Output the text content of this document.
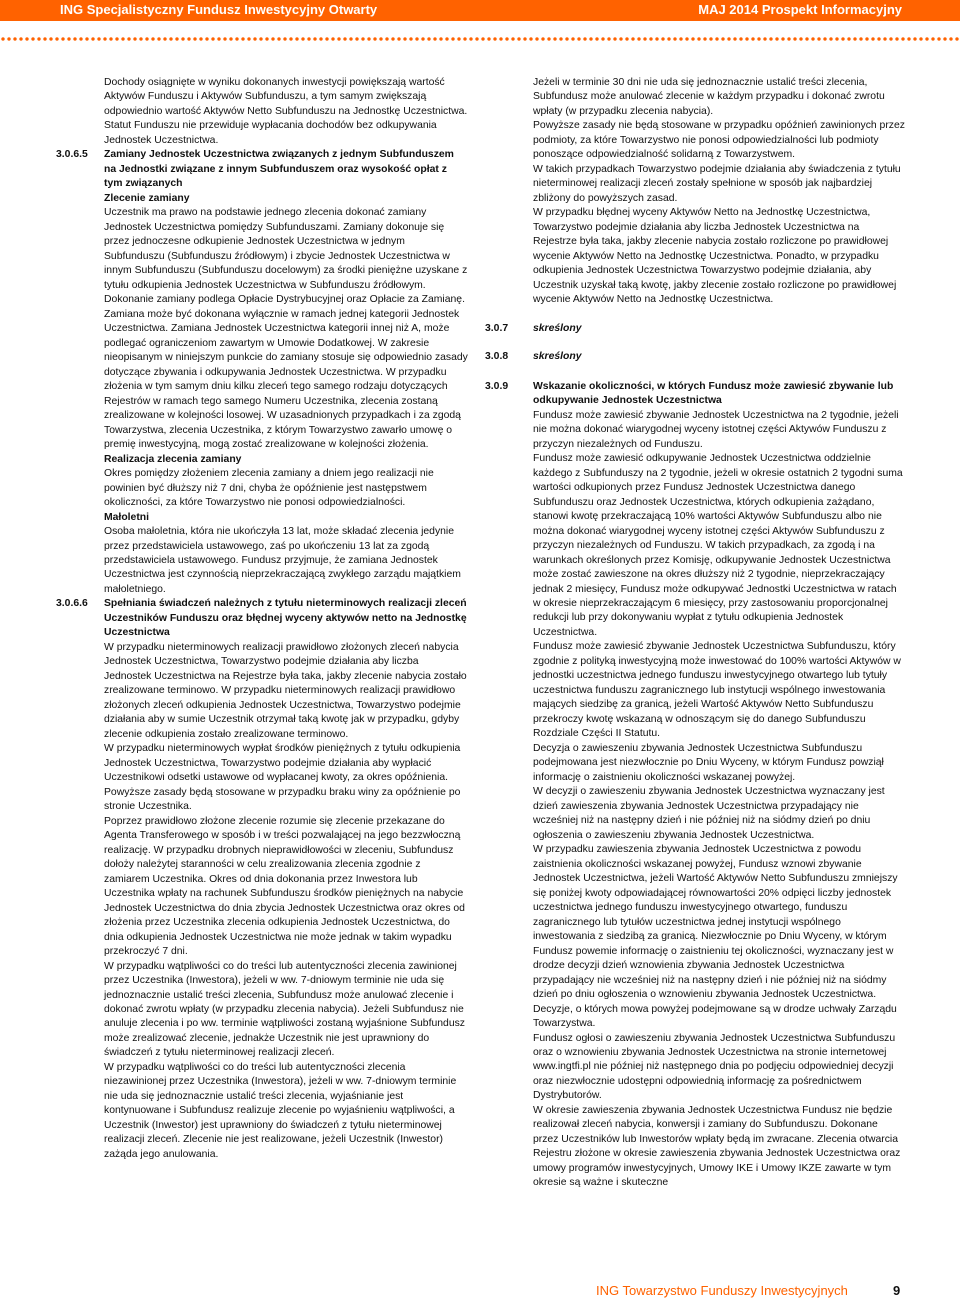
ING Specjalistyczny Fundusz Inwestycyjny Otwarty	MAJ 2014 Prospekt Informacyjny

Dochody osiągnięte w wyniku dokonanych inwestycji powiększają wartość Aktywów Funduszu i Aktywów Subfunduszu, a tym samym zwiększają odpowiednio wartość Aktywów Netto Subfunduszu na Jednostkę Uczestnictwa. Statut Funduszu nie przewiduje wypłacania dochodów bez odkupywania Jednostek Uczestnictwa.

3.0.6.5 Zamiany Jednostek Uczestnictwa związanych z jednym Subfunduszem na Jednostki związane z innym Subfunduszem oraz wysokość opłat z tym związanych

Zlecenie zamiany

Uczestnik ma prawo na podstawie jednego zlecenia dokonać zamiany Jednostek Uczestnictwa pomiędzy Subfunduszami. Zamiany dokonuje się przez jednoczesne odkupienie Jednostek Uczestnictwa w jednym Subfunduszu (Subfunduszu źródłowym) i zbycie Jednostek Uczestnictwa w innym Subfunduszu (Subfunduszu docelowym) za środki pieniężne uzyskane z tytułu odkupienia Jednostek Uczestnictwa w Subfunduszu źródłowym. Dokonanie zamiany podlega Opłacie Dystrybucyjnej oraz Opłacie za Zamianę. Zamiana może być dokonana wyłącznie w ramach jednej kategorii Jednostek Uczestnictwa. Zamiana Jednostek Uczestnictwa kategorii innej niż A, może podlegać ograniczeniom zawartym w Umowie Dodatkowej. W zakresie nieopisanym w niniejszym punkcie do zamiany stosuje się odpowiednio zasady dotyczące zbywania i odkupywania Jednostek Uczestnictwa. W przypadku złożenia w tym samym dniu kilku zleceń tego samego rodzaju dotyczących Rejestrów w ramach tego samego Numeru Uczestnika, zlecenia zostaną zrealizowane w kolejności losowej. W uzasadnionych przypadkach i za zgodą Towarzystwa, zlecenia Uczestnika, z którym Towarzystwo zawarło umowę o premię inwestycyjną, mogą zostać zrealizowane w kolejności złożenia.

Realizacja zlecenia zamiany

Okres pomiędzy złożeniem zlecenia zamiany a dniem jego realizacji nie powinien być dłuższy niż 7 dni, chyba że opóźnienie jest następstwem okoliczności, za które Towarzystwo nie ponosi odpowiedzialności.

Małoletni

Osoba małoletnia, która nie ukończyła 13 lat, może składać zlecenia jedynie przez przedstawiciela ustawowego, zaś po ukończeniu 13 lat za zgodą przedstawiciela ustawowego. Fundusz przyjmuje, że zamiana Jednostek Uczestnictwa jest czynnością nieprzekraczającą zwykłego zarządu majątkiem małoletniego.

3.0.6.6 Spełniania świadczeń należnych z tytułu nieterminowych realizacji zleceń Uczestników Funduszu oraz błędnej wyceny aktywów netto na Jednostkę Uczestnictwa

W przypadku nieterminowych realizacji prawidłowo złożonych zleceń nabycia Jednostek Uczestnictwa, Towarzystwo podejmie działania aby liczba Jednostek Uczestnictwa na Rejestrze była taka, jakby zlecenie nabycia zostało zrealizowane terminowo. W przypadku nieterminowych realizacji prawidłowo złożonych zleceń odkupienia Jednostek Uczestnictwa, Towarzystwo podejmie działania aby w sumie Uczestnik otrzymał taką kwotę jak w przypadku, gdyby zlecenie odkupienia zostało zrealizowane terminowo.

W przypadku nieterminowych wypłat środków pieniężnych z tytułu odkupienia Jednostek Uczestnictwa, Towarzystwo podejmie działania aby wypłacić Uczestnikowi odsetki ustawowe od wypłacanej kwoty, za okres opóźnienia.

Powyższe zasady będą stosowane w przypadku braku winy za opóźnienie po stronie Uczestnika.

Poprzez prawidłowo złożone zlecenie rozumie się zlecenie przekazane do Agenta Transferowego w sposób i w treści pozwalającej na jego bezzwłoczną realizację. W przypadku drobnych nieprawidłowości w zleceniu, Subfundusz dołoży należytej staranności w celu zrealizowania zlecenia zgodnie z zamiarem Uczestnika. Okres od dnia dokonania przez Inwestora lub Uczestnika wpłaty na rachunek Subfunduszu środków pieniężnych na nabycie Jednostek Uczestnictwa do dnia zbycia Jednostek Uczestnictwa oraz okres od złożenia przez Uczestnika zlecenia odkupienia Jednostek Uczestnictwa, do dnia odkupienia Jednostek Uczestnictwa nie może jednak w takim wypadku przekroczyć 7 dni.

W przypadku wątpliwości co do treści lub autentyczności zlecenia zawinionej przez Uczestnika (Inwestora), jeżeli w ww. 7-dniowym terminie nie uda się jednoznacznie ustalić treści zlecenia, Subfundusz może anulować zlecenie i dokonać zwrotu wpłaty (w przypadku zlecenia nabycia). Jeżeli Subfundusz nie anuluje zlecenia i po ww. terminie wątpliwości zostaną wyjaśnione Subfundusz może zrealizować zlecenie, jednakże Uczestnik nie jest uprawniony do świadczeń z tytułu nieterminowej realizacji zleceń.

W przypadku wątpliwości co do treści lub autentyczności zlecenia niezawinionej przez Uczestnika (Inwestora), jeżeli w ww. 7-dniowym terminie nie uda się jednoznacznie ustalić treści zlecenia, wyjaśnianie jest kontynuowane i Subfundusz realizuje zlecenie po wyjaśnieniu wątpliwości, a Uczestnik (Inwestor) jest uprawniony do świadczeń z tytułu nieterminowej realizacji zleceń. Zlecenie nie jest realizowane, jeżeli Uczestnik (Inwestor) zażąda jego anulowania.

Jeżeli w terminie 30 dni nie uda się jednoznacznie ustalić treści zlecenia, Subfundusz może anulować zlecenie w każdym przypadku i dokonać zwrotu wpłaty (w przypadku zlecenia nabycia).

Powyższe zasady nie będą stosowane w przypadku opóźnień zawinionych przez podmioty, za które Towarzystwo nie ponosi odpowiedzialności lub podmioty ponoszące odpowiedzialność solidarną z Towarzystwem.

W takich przypadkach Towarzystwo podejmie działania aby świadczenia z tytułu nieterminowej realizacji zleceń zostały spełnione w sposób jak najbardziej zbliżony do powyższych zasad.

W przypadku błędnej wyceny Aktywów Netto na Jednostkę Uczestnictwa, Towarzystwo podejmie działania aby liczba Jednostek Uczestnictwa na Rejestrze była taka, jakby zlecenie nabycia zostało rozliczone po prawidłowej wycenie Aktywów Netto na Jednostkę Uczestnictwa. Ponadto, w przypadku odkupienia Jednostek Uczestnictwa Towarzystwo podejmie działania, aby Uczestnik uzyskał taką kwotę, jakby zlecenie zostało rozliczone po prawidłowej wycenie Aktywów Netto na Jednostkę Uczestnictwa.

3.0.7 skreślony

3.0.8 skreślony

3.0.9 Wskazanie okoliczności, w których Fundusz może zawiesić zbywanie lub odkupywanie Jednostek Uczestnictwa

Fundusz może zawiesić zbywanie Jednostek Uczestnictwa na 2 tygodnie, jeżeli nie można dokonać wiarygodnej wyceny istotnej części Aktywów Funduszu z przyczyn niezależnych od Funduszu.

Fundusz może zawiesić odkupywanie Jednostek Uczestnictwa oddzielnie każdego z Subfunduszy na 2 tygodnie, jeżeli w okresie ostatnich 2 tygodni suma wartości odkupionych przez Fundusz Jednostek Uczestnictwa danego Subfunduszu oraz Jednostek Uczestnictwa, których odkupienia zażądano, stanowi kwotę przekraczającą 10% wartości Aktywów Subfunduszu albo nie można dokonać wiarygodnej wyceny istotnej części Aktywów Subfunduszu z przyczyn niezależnych od Funduszu. W takich przypadkach, za zgodą i na warunkach określonych przez Komisję, odkupywanie Jednostek Uczestnictwa może zostać zawieszone na okres dłuższy niż 2 tygodnie, nieprzekraczający jednak 2 miesięcy, Fundusz może odkupywać Jednostki Uczestnictwa w ratach w okresie nieprzekraczającym 6 miesięcy, przy zastosowaniu proporcjonalnej redukcji lub przy dokonywaniu wypłat z tytułu odkupienia Jednostek Uczestnictwa.

Fundusz może zawiesić zbywanie Jednostek Uczestnictwa Subfunduszu, który zgodnie z polityką inwestycyjną może inwestować do 100% wartości Aktywów w jednostki uczestnictwa jednego funduszu inwestycyjnego otwartego lub tytuły uczestnictwa funduszu zagranicznego lub instytucji wspólnego inwestowania mających siedzibę za granicą, jeżeli Wartość Aktywów Netto Subfunduszu przekroczy kwotę wskazaną w odnoszącym się do danego Subfunduszu Rozdziale Części II Statutu.

Decyzja o zawieszeniu zbywania Jednostek Uczestnictwa Subfunduszu podejmowana jest niezwłocznie po Dniu Wyceny, w którym Fundusz powziął informację o zaistnieniu okoliczności wskazanej powyżej.

W decyzji o zawieszeniu zbywania Jednostek Uczestnictwa wyznaczany jest dzień zawieszenia zbywania Jednostek Uczestnictwa przypadający nie wcześniej niż na następny dzień i nie później niż na siódmy dzień po dniu ogłoszenia o zawieszeniu zbywania Jednostek Uczestnictwa.

W przypadku zawieszenia zbywania Jednostek Uczestnictwa z powodu zaistnienia okoliczności wskazanej powyżej, Fundusz wznowi zbywanie Jednostek Uczestnictwa, jeżeli Wartość Aktywów Netto Subfunduszu zmniejszy się poniżej kwoty odpowiadającej równowartości 20% odpięci liczby jednostek uczestnictwa jednego funduszu inwestycyjnego otwartego, funduszu zagranicznego lub tytułów uczestnictwa jednej instytucji wspólnego inwestowania z siedzibą za granicą. Niezwłocznie po Dniu Wyceny, w którym Fundusz powemie informację o zaistnieniu tej okoliczności, wyznaczany jest w drodze decyzji dzień wznowienia zbywania Jednostek Uczestnictwa przypadający nie wcześniej niż na następny dzień i nie później niż na siódmy dzień po dniu ogłoszenia o wznowieniu zbywania Jednostek Uczestnictwa.

Decyzje, o których mowa powyżej podejmowane są w drodze uchwały Zarządu Towarzystwa.

Fundusz ogłosi o zawieszeniu zbywania Jednostek Uczestnictwa Subfunduszu oraz o wznowieniu zbywania Jednostek Uczestnictwa na stronie internetowej www.ingtfi.pl nie później niż następnego dnia po podjęciu odpowiedniej decyzji oraz niezwłocznie udostępni odpowiednią informację za pośrednictwem Dystrybutorów.

W okresie zawieszenia zbywania Jednostek Uczestnictwa Fundusz nie będzie realizował zleceń nabycia, konwersji i zamiany do Subfunduszu. Dokonane przez Uczestników lub Inwestorów wpłaty będą im zwracane. Zlecenia otwarcia Rejestru złożone w okresie zawieszenia zbywania Jednostek Uczestnictwa oraz umowy programów inwestycyjnych, Umowy IKE i Umowy IKZE zawarte w tym okresie są ważne i skuteczne

ING Towarzystwo Funduszy Inwestycyjnych	9
